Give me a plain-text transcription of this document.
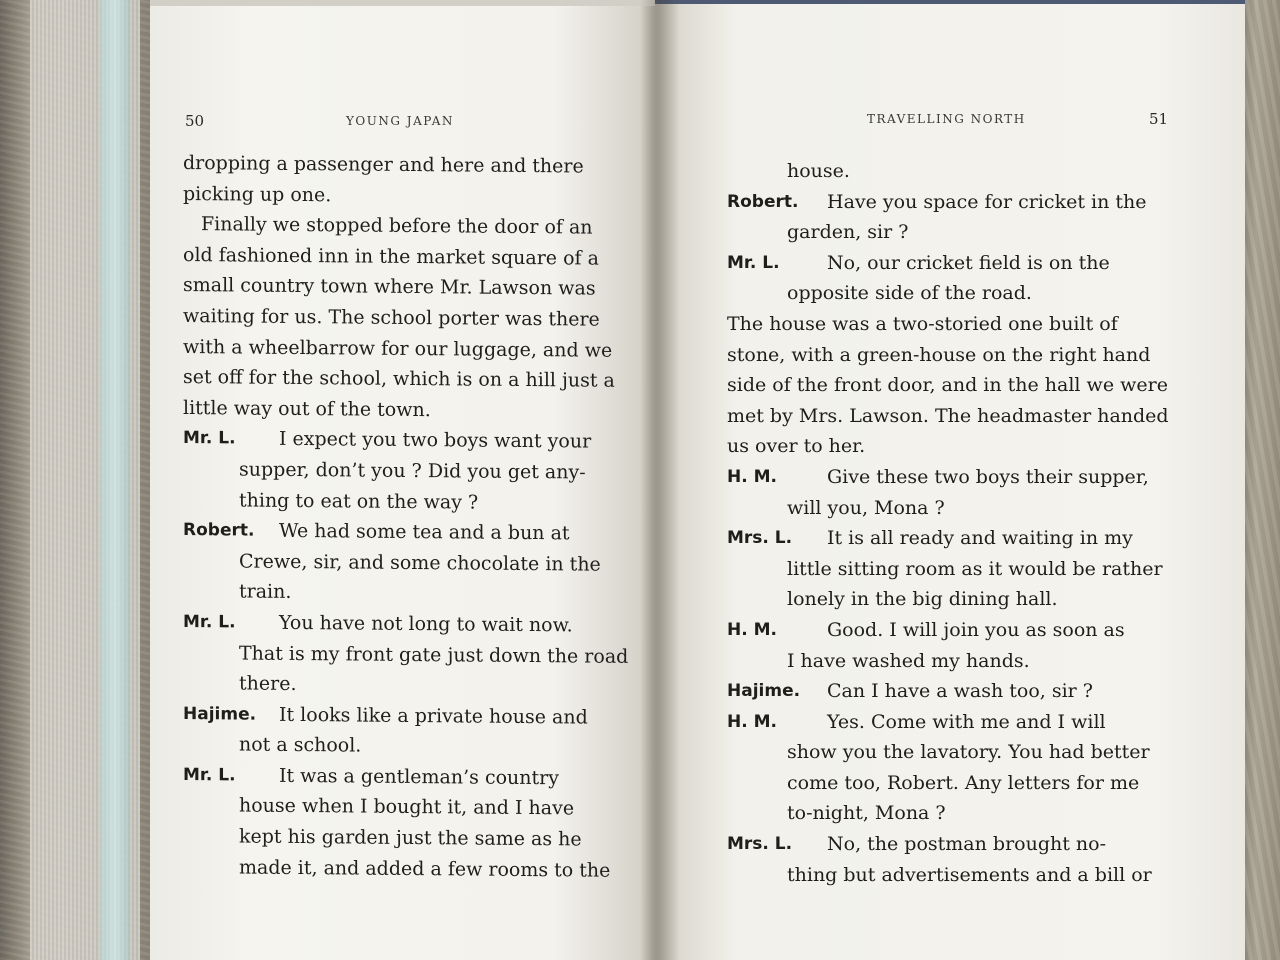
50	YOUNG JAPAN
dropping a passenger and here and there
picking up one.
Finally we stopped before the door of an
old fashioned inn in the market square of a
small country town where Mr. Lawson was
waiting for us. The school porter was there
with a wheelbarrow for our luggage, and we
set off for the school, which is on a hill just a
little way out of the town.
Mr. L.	I expect you two boys want your
supper, don’t you ? Did you get any-
thing to eat on the way ?
Robert.	We had some tea and a bun at
Crewe, sir, and some chocolate in the
train.
Mr. L.	You have not long to wait now.
That is my front gate just down the road
there.
Hajime.	It looks like a private house and
not a school.
Mr. L.	It was a gentleman’s country
house when I bought it, and I have
kept his garden just the same as he
made it, and added a few rooms to the
TRAVELLING NORTH	51
house.
Robert.	Have you space for cricket in the
garden, sir ?
Mr. L.	No, our cricket field is on the
opposite side of the road.
The house was a two-storied one built of
stone, with a green-house on the right hand
side of the front door, and in the hall we were
met by Mrs. Lawson. The headmaster handed
us over to her.
H. M.	Give these two boys their supper,
will you, Mona ?
Mrs. L.	It is all ready and waiting in my
little sitting room as it would be rather
lonely in the big dining hall.
H. M.	Good. I will join you as soon as
I have washed my hands.
Hajime.	Can I have a wash too, sir ?
H. M.	Yes. Come with me and I will
show you the lavatory. You had better
come too, Robert. Any letters for me
to-night, Mona ?
Mrs. L.	No, the postman brought no-
thing but advertisements and a bill or
